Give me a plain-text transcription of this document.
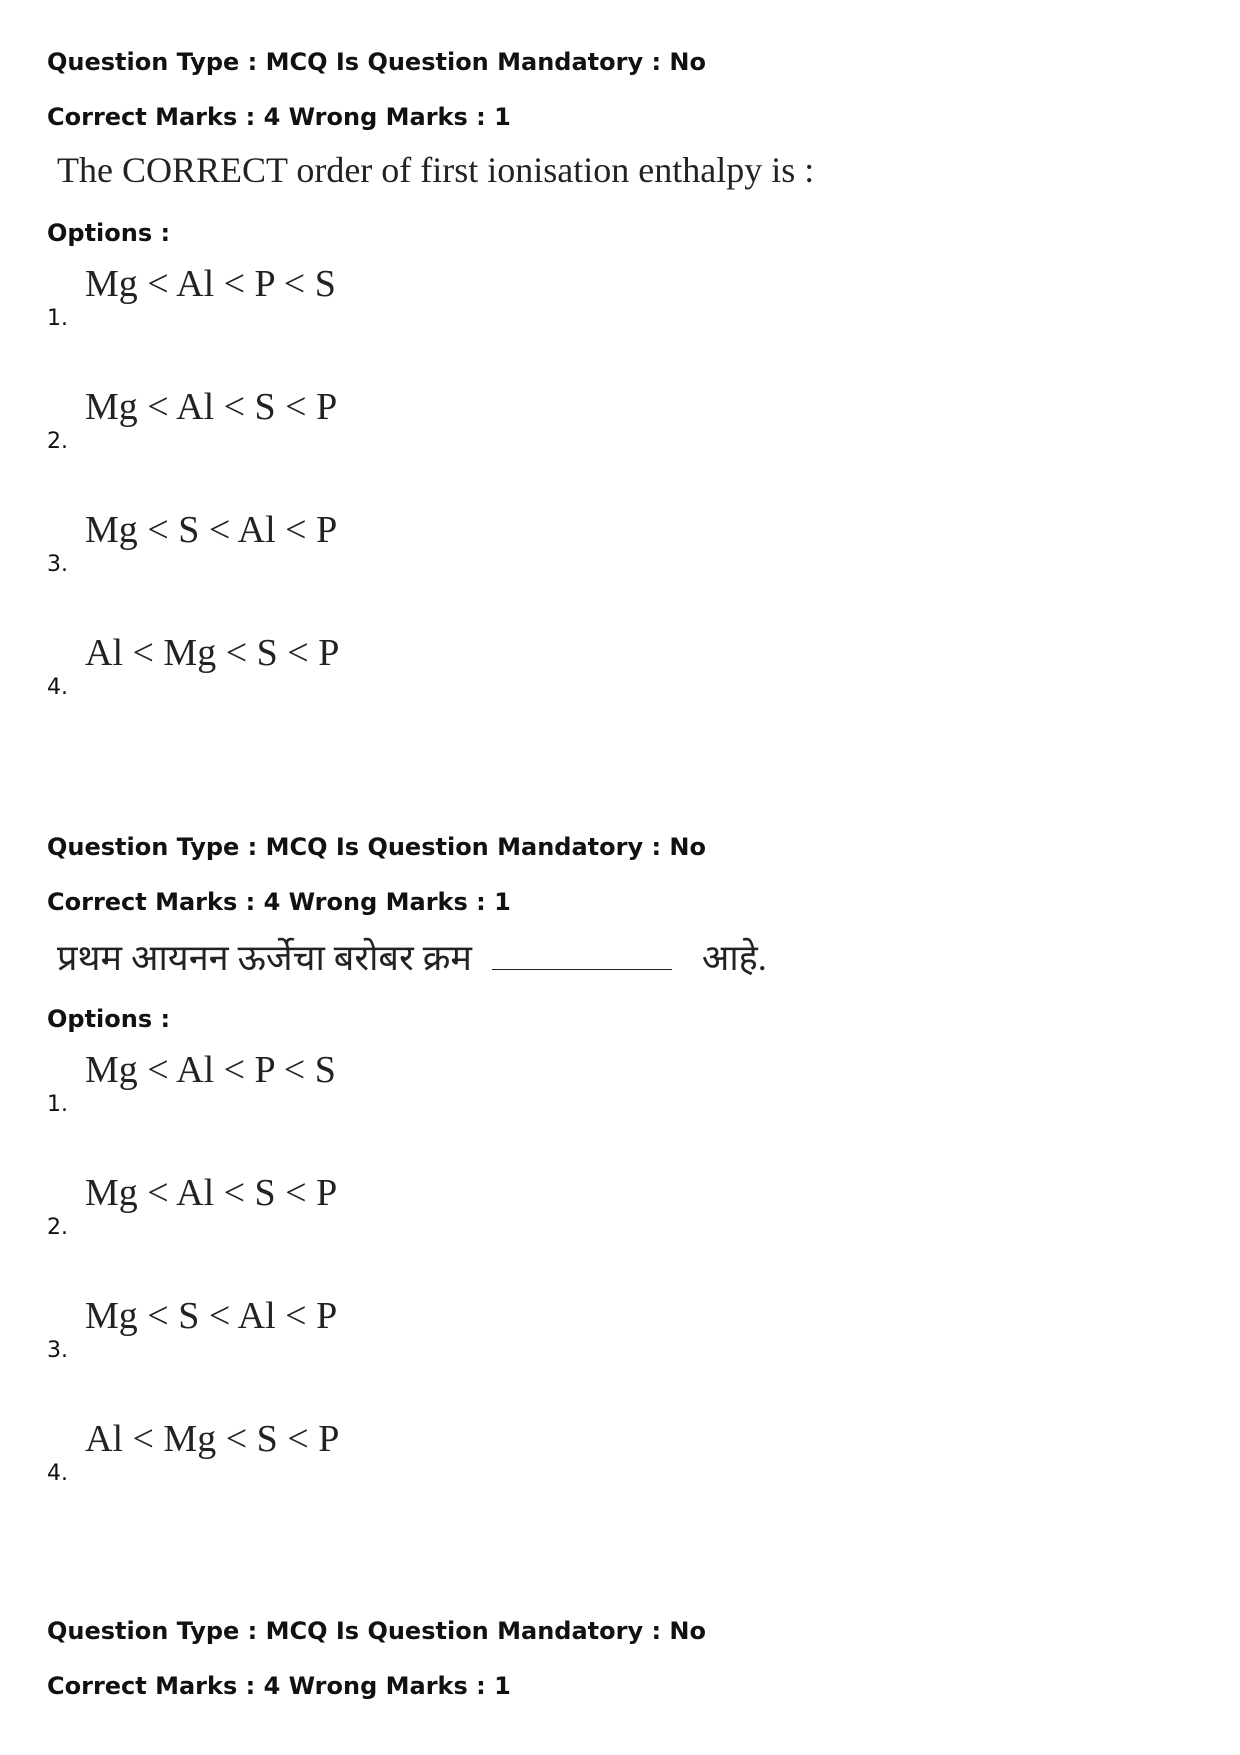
Question Type : MCQ Is Question Mandatory : No
Correct Marks : 4 Wrong Marks : 1
The CORRECT order of first ionisation enthalpy is :
Options :
1.
Mg < Al < P < S
2.
Mg < Al < S < P
3.
Mg < S < Al < P
4.
Al < Mg < S < P
Question Type : MCQ Is Question Mandatory : No
Correct Marks : 4 Wrong Marks : 1
प्रथम आयनन ऊर्जेचा बरोबर क्रम	आहे.
Options :
1.
Mg < Al < P < S
2.
Mg < Al < S < P
3.
Mg < S < Al < P
4.
Al < Mg < S < P
Question Type : MCQ Is Question Mandatory : No
Correct Marks : 4 Wrong Marks : 1
